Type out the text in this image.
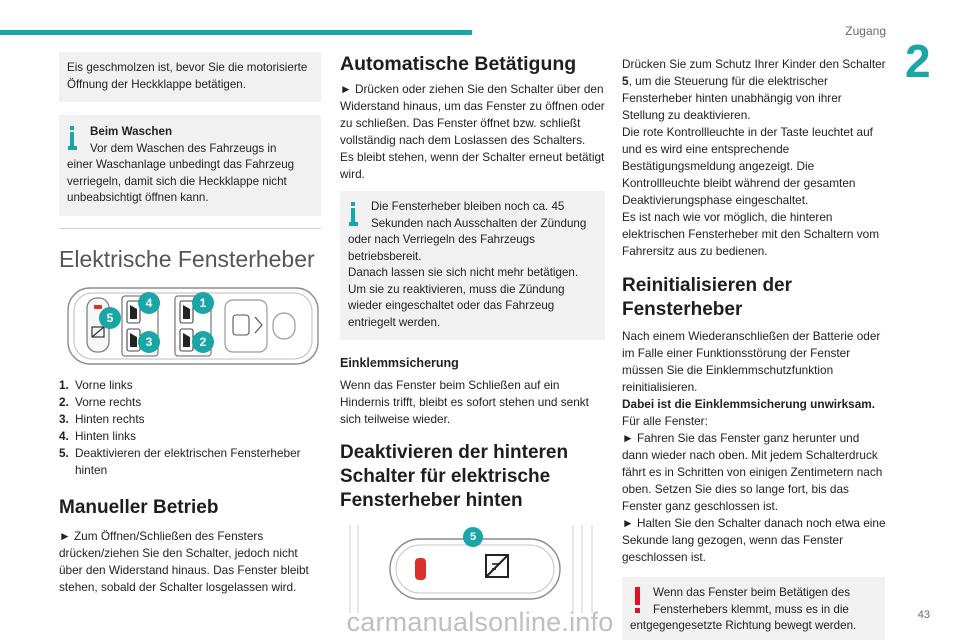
Zugang
2

Eis geschmolzen ist, bevor Sie die motorisierte Öffnung der Heckklappe betätigen.

Beim Waschen

Vor dem Waschen des Fahrzeugs in

einer Waschanlage unbedingt das Fahrzeug verriegeln, damit sich die Heckklappe nicht unbeabsichtigt öffnen kann.

Elektrische Fensterheber
5
4
3
1
2
1. Vorne links
2. Vorne rechts
3. Hinten rechts
4. Hinten links
5. Deaktivieren der elektrischen Fensterheber hinten
Manueller Betrieb

► Zum Öffnen/Schließen des Fensters drücken/ziehen Sie den Schalter, jedoch nicht über den Widerstand hinaus. Das Fenster bleibt stehen, sobald der Schalter losgelassen wird.

Automatische Betätigung

► Drücken oder ziehen Sie den Schalter über den Widerstand hinaus, um das Fenster zu öffnen oder zu schließen. Das Fenster öffnet bzw. schließt vollständig nach dem Loslassen des Schalters.

Es bleibt stehen, wenn der Schalter erneut betätigt wird.

Die Fensterheber bleiben noch ca. 45

Sekunden nach Ausschalten der Zündung

oder nach Verriegeln des Fahrzeugs betriebsbereit.

Danach lassen sie sich nicht mehr betätigen. Um sie zu reaktivieren, muss die Zündung wieder eingeschaltet oder das Fahrzeug entriegelt werden.

Einklemmsicherung

Wenn das Fenster beim Schließen auf ein Hindernis trifft, bleibt es sofort stehen und senkt sich teilweise wieder.

Deaktivieren der hinteren Schalter für elektrische Fensterheber hinten
5

Drücken Sie zum Schutz Ihrer Kinder den Schalter 5, um die Steuerung für die elektrischer Fensterheber hinten unabhängig von ihrer Stellung zu deaktivieren.

Die rote Kontrollleuchte in der Taste leuchtet auf und es wird eine entsprechende Bestätigungsmeldung angezeigt. Die Kontrollleuchte bleibt während der gesamten Deaktivierungsphase eingeschaltet.

Es ist nach wie vor möglich, die hinteren elektrischen Fensterheber mit den Schaltern vom Fahrersitz aus zu bedienen.

Reinitialisieren der Fensterheber

Nach einem Wiederanschließen der Batterie oder im Falle einer Funktionsstörung der Fenster müssen Sie die Einklemmschutzfunktion reinitialisieren.

Dabei ist die Einklemmsicherung unwirksam.

Für alle Fenster:

► Fahren Sie das Fenster ganz herunter und dann wieder nach oben. Mit jedem Schalterdruck fährt es in Schritten von einigen Zentimetern nach oben. Setzen Sie dies so lange fort, bis das Fenster ganz geschlossen ist.

► Halten Sie den Schalter danach noch etwa eine Sekunde lang gezogen, wenn das Fenster geschlossen ist.

Wenn das Fenster beim Betätigen des

Fensterhebers klemmt, muss es in die

entgegengesetzte Richtung bewegt werden.

carmanualsonline.info	43
